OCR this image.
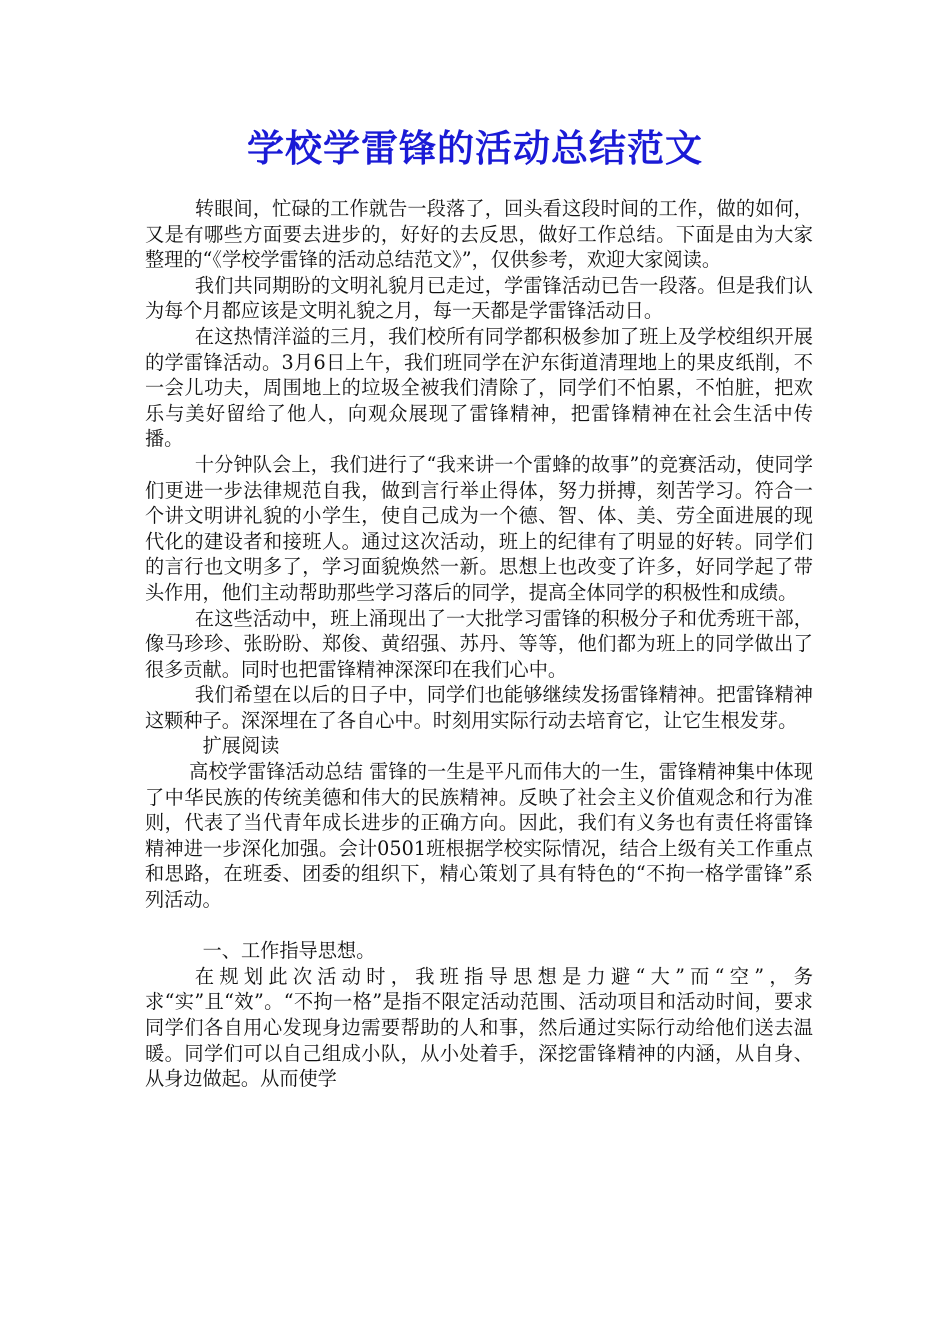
学校学雷锋的活动总结范文

转眼间，忙碌的工作就告一段落了，回头看这段时间的工作，做的如何，又是有哪些方面要去进步的，好好的去反思，做好工作总结。下面是由为大家整理的“《学校学雷锋的活动总结范文》”，仅供参考，欢迎大家阅读。

我们共同期盼的文明礼貌月已走过，学雷锋活动已告一段落。但是我们认为每个月都应该是文明礼貌之月，每一天都是学雷锋活动日。

在这热情洋溢的三月，我们校所有同学都积极参加了班上及学校组织开展的学雷锋活动。3月6日上午，我们班同学在沪东街道清理地上的果皮纸削，不一会儿功夫，周围地上的垃圾全被我们清除了，同学们不怕累，不怕脏，把欢乐与美好留给了他人，向观众展现了雷锋精神，把雷锋精神在社会生活中传播。

十分钟队会上，我们进行了“我来讲一个雷蜂的故事”的竞赛活动，使同学们更进一步法律规范自我，做到言行举止得体，努力拼搏，刻苦学习。符合一个讲文明讲礼貌的小学生，使自己成为一个德、智、体、美、劳全面进展的现代化的建设者和接班人。通过这次活动，班上的纪律有了明显的好转。同学们的言行也文明多了，学习面貌焕然一新。思想上也改变了许多，好同学起了带头作用，他们主动帮助那些学习落后的同学，提高全体同学的积极性和成绩。

在这些活动中，班上涌现出了一大批学习雷锋的积极分子和优秀班干部，像马珍珍、张盼盼、郑俊、黄绍强、苏丹、等等，他们都为班上的同学做出了很多贡献。同时也把雷锋精神深深印在我们心中。

我们希望在以后的日子中，同学们也能够继续发扬雷锋精神。把雷锋精神这颗种子。深深埋在了各自心中。时刻用实际行动去培育它，让它生根发芽。

扩展阅读

高校学雷锋活动总结 雷锋的一生是平凡而伟大的一生，雷锋精神集中体现了中华民族的传统美德和伟大的民族精神。反映了社会主义价值观念和行为准则，代表了当代青年成长进步的正确方向。因此，我们有义务也有责任将雷锋精神进一步深化加强。会计0501班根据学校实际情况，结合上级有关工作重点和思路，在班委、团委的组织下，精心策划了具有特色的“不拘一格学雷锋”系列活动。

一、工作指导思想。

在规划此次活动时，我班指导思想是力避“大”而“空”，务求“实”且“效”。“不拘一格”是指不限定活动范围、活动项目和活动时间，要求同学们各自用心发现身边需要帮助的人和事，然后通过实际行动给他们送去温暖。同学们可以自己组成小队，从小处着手，深挖雷锋精神的内涵，从自身、从身边做起。从而使学
